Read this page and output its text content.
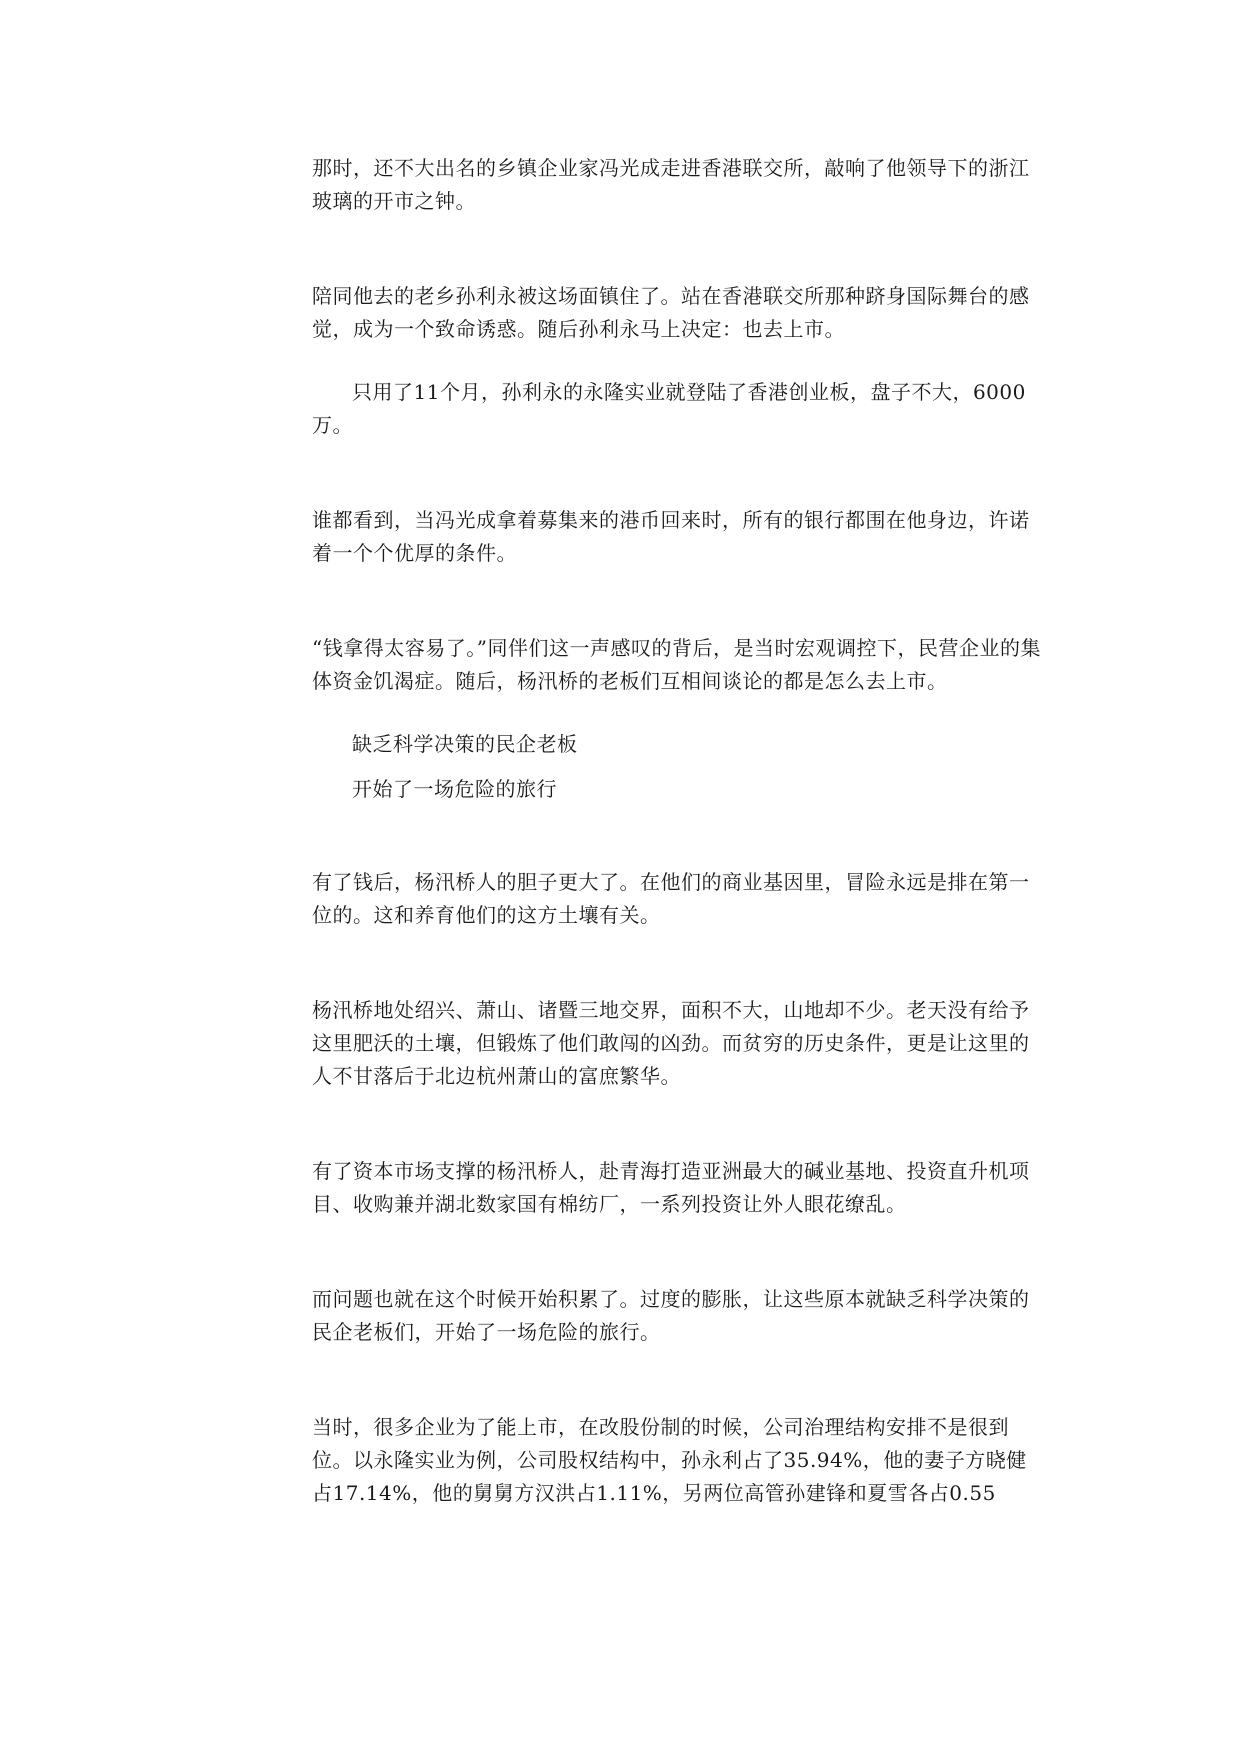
那时，还不大出名的乡镇企业家冯光成走进香港联交所，敲响了他领导下的浙江玻璃的开市之钟。

陪同他去的老乡孙利永被这场面镇住了。站在香港联交所那种跻身国际舞台的感觉，成为一个致命诱惑。随后孙利永马上决定：也去上市。

只用了11个月，孙利永的永隆实业就登陆了香港创业板，盘子不大，6000万。

谁都看到，当冯光成拿着募集来的港币回来时，所有的银行都围在他身边，许诺着一个个优厚的条件。

“钱拿得太容易了。”同伴们这一声感叹的背后，是当时宏观调控下，民营企业的集体资金饥渴症。随后，杨汛桥的老板们互相间谈论的都是怎么去上市。

缺乏科学决策的民企老板

开始了一场危险的旅行

有了钱后，杨汛桥人的胆子更大了。在他们的商业基因里，冒险永远是排在第一位的。这和养育他们的这方土壤有关。

杨汛桥地处绍兴、萧山、诸暨三地交界，面积不大，山地却不少。老天没有给予这里肥沃的土壤，但锻炼了他们敢闯的凶劲。而贫穷的历史条件，更是让这里的人不甘落后于北边杭州萧山的富庶繁华。

有了资本市场支撑的杨汛桥人，赴青海打造亚洲最大的碱业基地、投资直升机项目、收购兼并湖北数家国有棉纺厂，一系列投资让外人眼花缭乱。

而问题也就在这个时候开始积累了。过度的膨胀，让这些原本就缺乏科学决策的民企老板们，开始了一场危险的旅行。

当时，很多企业为了能上市，在改股份制的时候，公司治理结构安排不是很到位。以永隆实业为例，公司股权结构中，孙永利占了35.94%，他的妻子方晓健占17.14%，他的舅舅方汉洪占1.11%，另两位高管孙建锋和夏雪各占0.55
